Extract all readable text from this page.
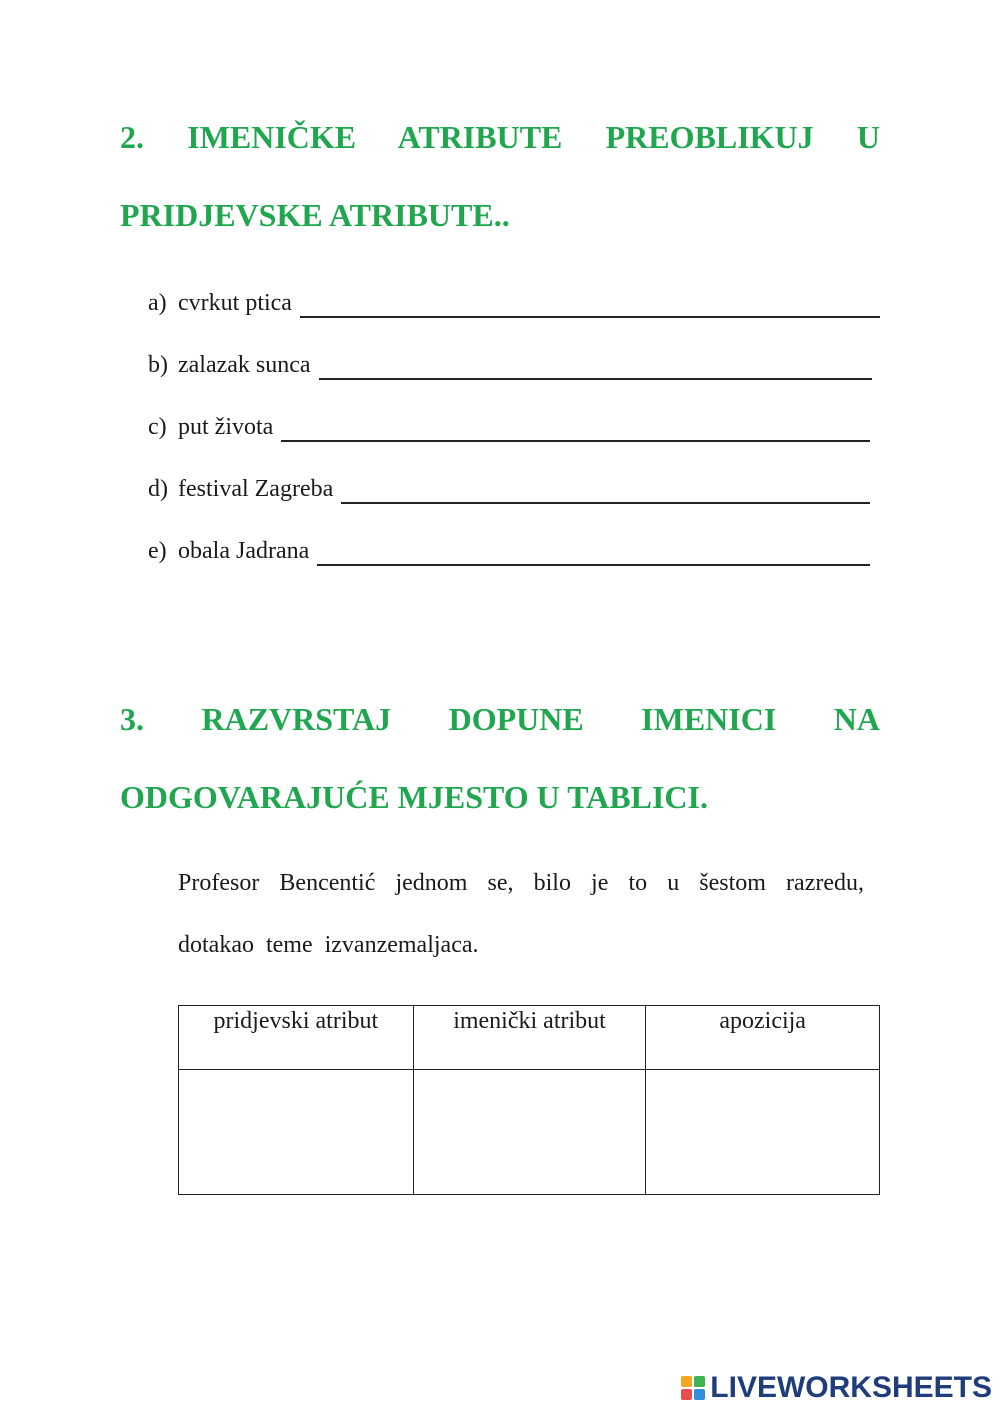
2. IMENIČKE ATRIBUTE PREOBLIKUJ U
PRIDJEVSKE ATRIBUTE..
a) cvrkut ptica
b) zalazak sunca
c) put života
d) festival Zagreba
e) obala Jadrana
3. RAZVRSTAJ DOPUNE IMENICI NA
ODGOVARAJUĆE MJESTO U TABLICI.

Profesor Bencentić jednom se, bilo je to u šestom razredu,
dotakao teme izvanzemaljaca.

pridjevski atribut	imenički atribut	apozicija

LIVEWORKSHEETS
